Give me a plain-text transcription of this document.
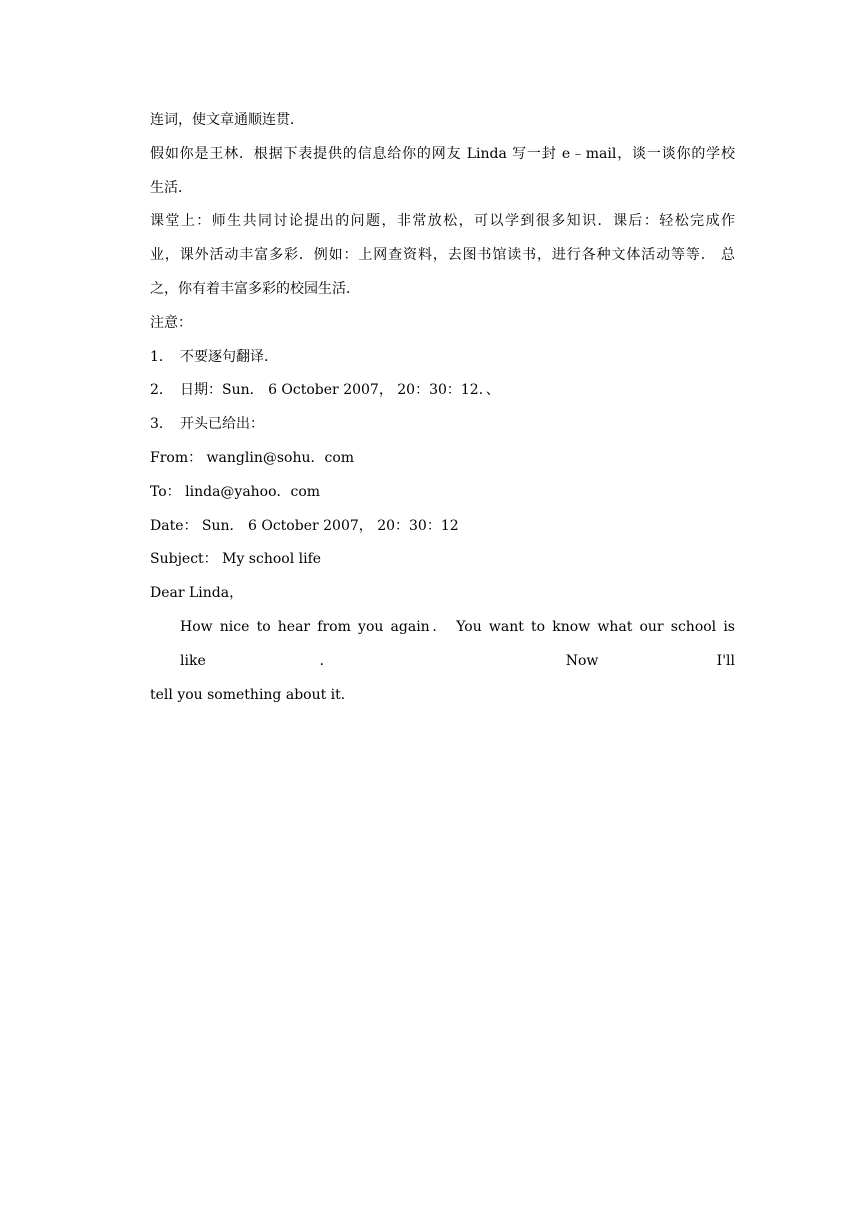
连词，使文章通顺连贯．
假如你是王林．根据下表提供的信息给你的网友 Linda 写一封 e﹣mail，谈一谈你的学校
生活．
课堂上：师生共同讨论提出的问题，非常放松，可以学到很多知识．课后：轻松完成作
业，课外活动丰富多彩．例如：上网查资料，去图书馆读书，进行各种文体活动等等． 总
之，你有着丰富多彩的校园生活．
注意：
1． 不要逐句翻译．
2． 日期：Sun． 6 October 2007， 20：30：12．、
3． 开头已给出：
From： wanglin@sohu．com
To： linda@yahoo．com
Date： Sun． 6 October 2007， 20：30：12
Subject： My school life
Dear Linda，
How nice to hear from you again． You want to know what our school is like． Now I'll
tell you something about it．
